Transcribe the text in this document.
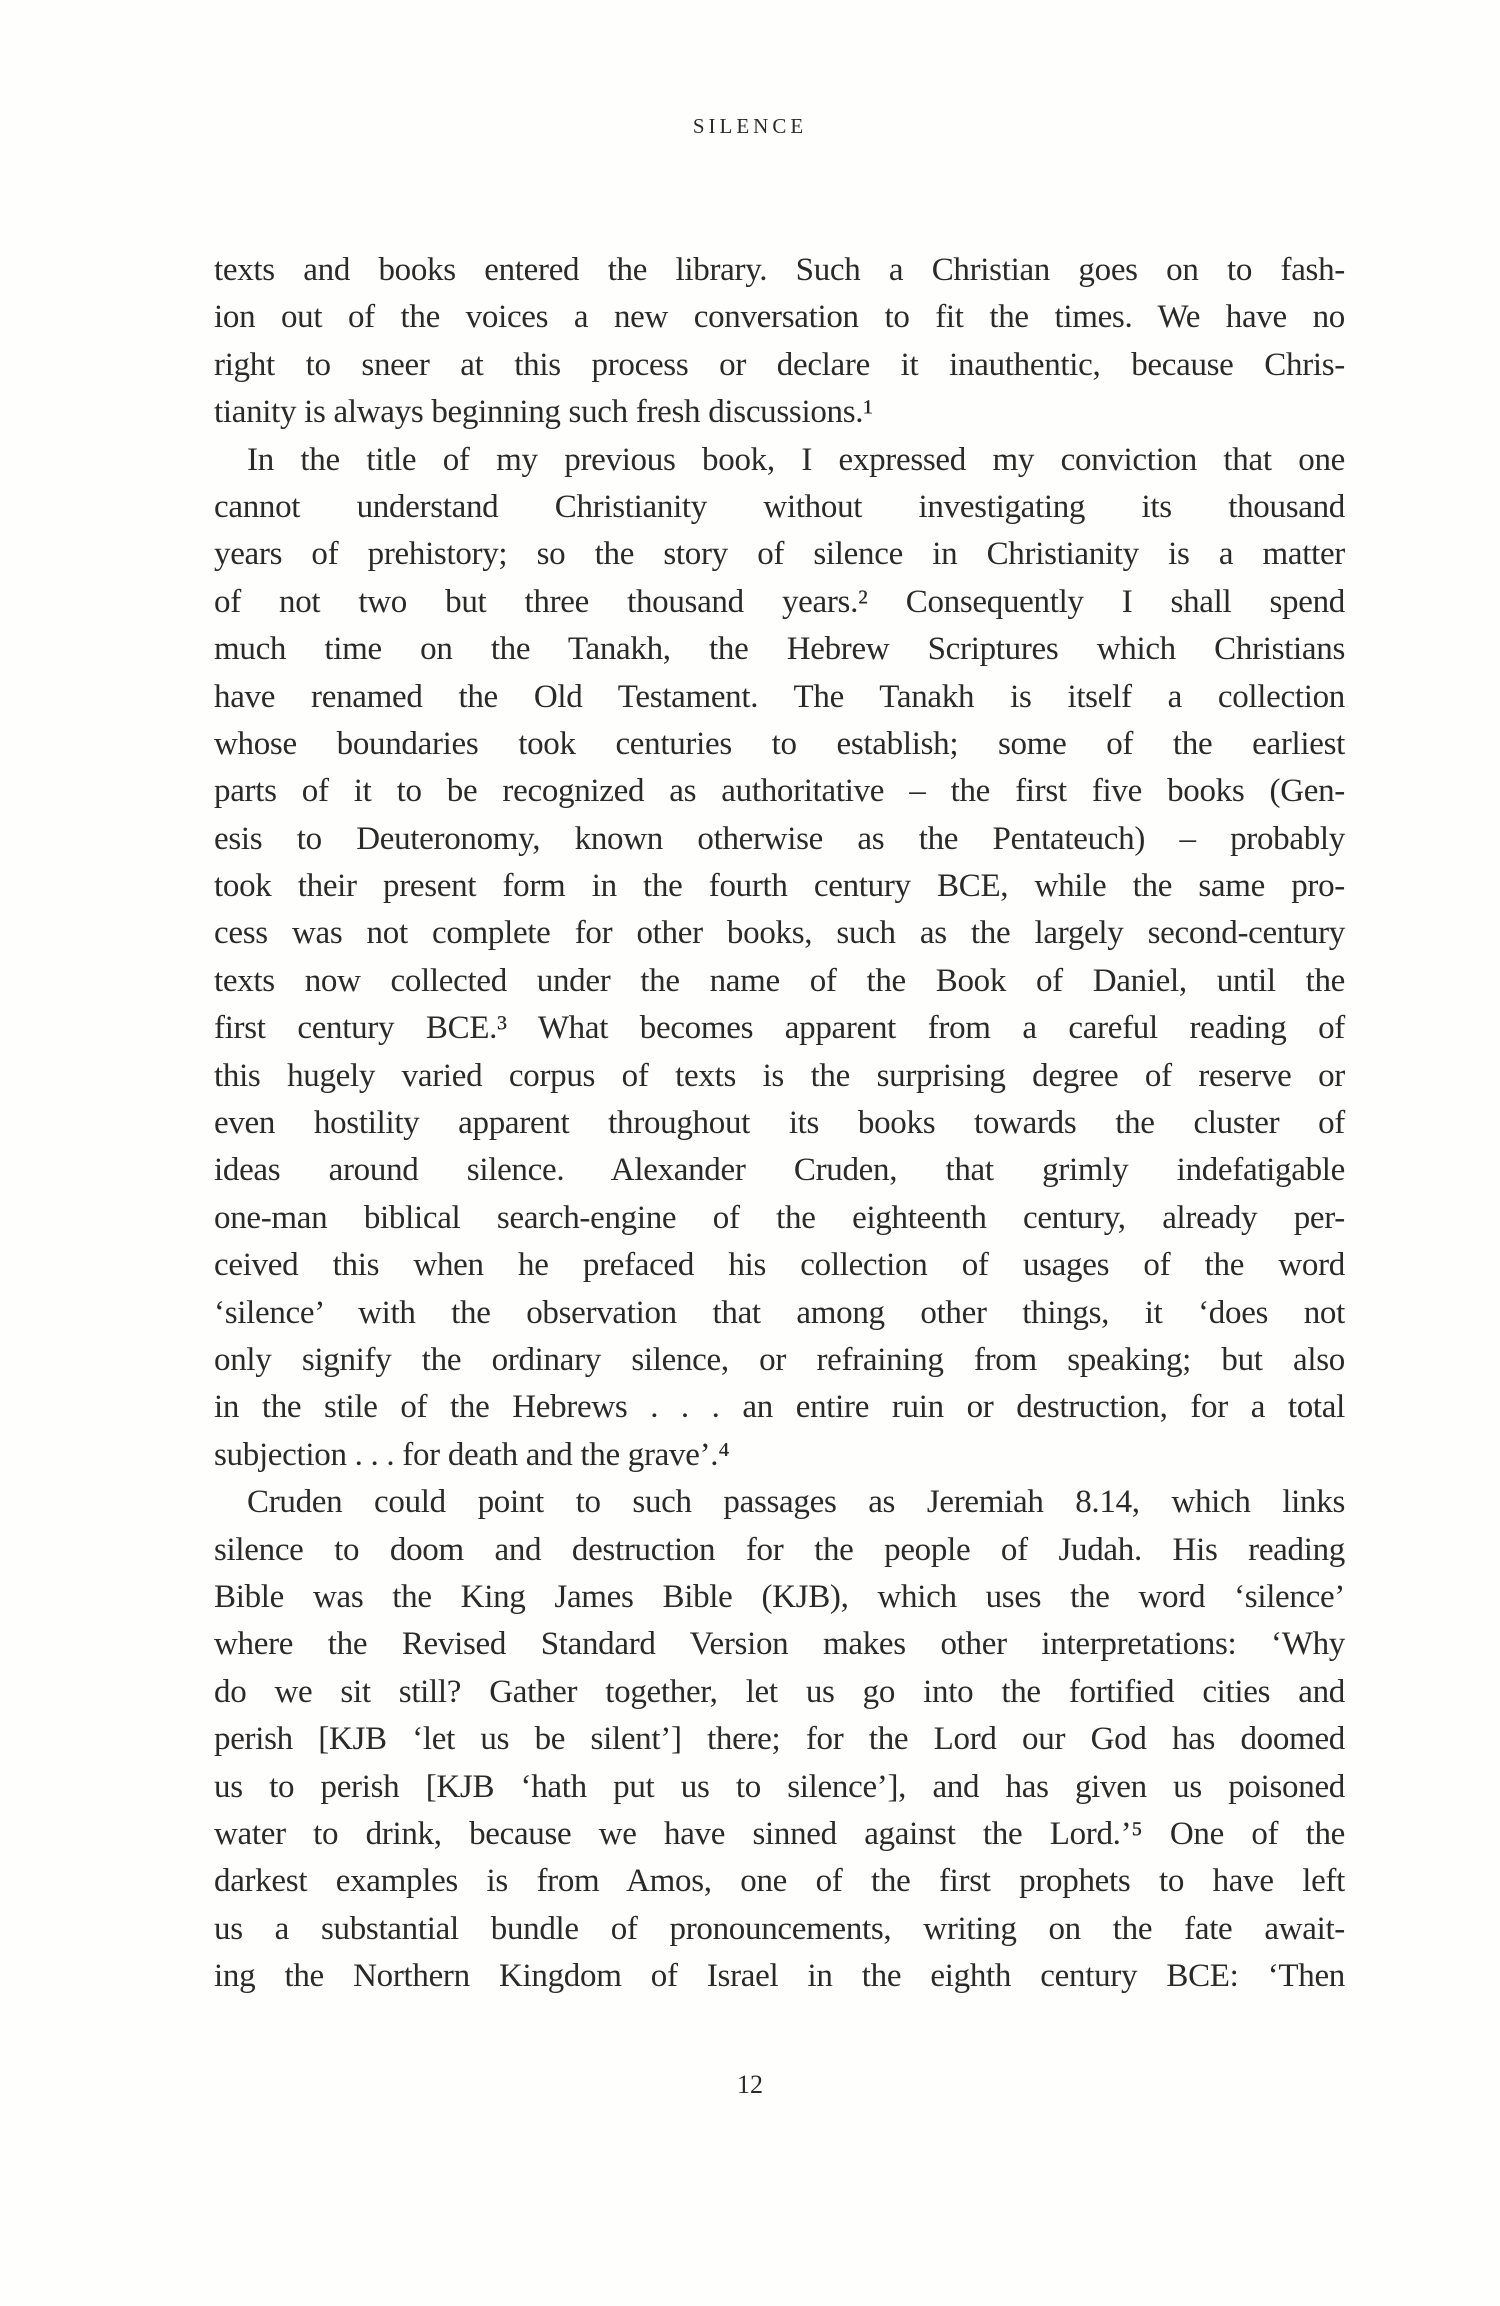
SILENCE
texts and books entered the library. Such a Christian goes on to fash-
ion out of the voices a new conversation to fit the times. We have no
right to sneer at this process or declare it inauthentic, because Chris-
tianity is always beginning such fresh discussions.¹
In the title of my previous book, I expressed my conviction that one
cannot understand Christianity without investigating its thousand
years of prehistory; so the story of silence in Christianity is a matter
of not two but three thousand years.² Consequently I shall spend
much time on the Tanakh, the Hebrew Scriptures which Christians
have renamed the Old Testament. The Tanakh is itself a collection
whose boundaries took centuries to establish; some of the earliest
parts of it to be recognized as authoritative – the first five books (Gen-
esis to Deuteronomy, known otherwise as the Pentateuch) – probably
took their present form in the fourth century BCE, while the same pro-
cess was not complete for other books, such as the largely second-century
texts now collected under the name of the Book of Daniel, until the
first century BCE.³ What becomes apparent from a careful reading of
this hugely varied corpus of texts is the surprising degree of reserve or
even hostility apparent throughout its books towards the cluster of
ideas around silence. Alexander Cruden, that grimly indefatigable
one-man biblical search-engine of the eighteenth century, already per-
ceived this when he prefaced his collection of usages of the word
‘silence’ with the observation that among other things, it ‘does not
only signify the ordinary silence, or refraining from speaking; but also
in the stile of the Hebrews . . . an entire ruin or destruction, for a total
subjection . . . for death and the grave’.⁴
Cruden could point to such passages as Jeremiah 8.14, which links
silence to doom and destruction for the people of Judah. His reading
Bible was the King James Bible (KJB), which uses the word ‘silence’
where the Revised Standard Version makes other interpretations: ‘Why
do we sit still? Gather together, let us go into the fortified cities and
perish [KJB ‘let us be silent’] there; for the Lord our God has doomed
us to perish [KJB ‘hath put us to silence’], and has given us poisoned
water to drink, because we have sinned against the Lord.’⁵ One of the
darkest examples is from Amos, one of the first prophets to have left
us a substantial bundle of pronouncements, writing on the fate await-
ing the Northern Kingdom of Israel in the eighth century BCE: ‘Then
12
